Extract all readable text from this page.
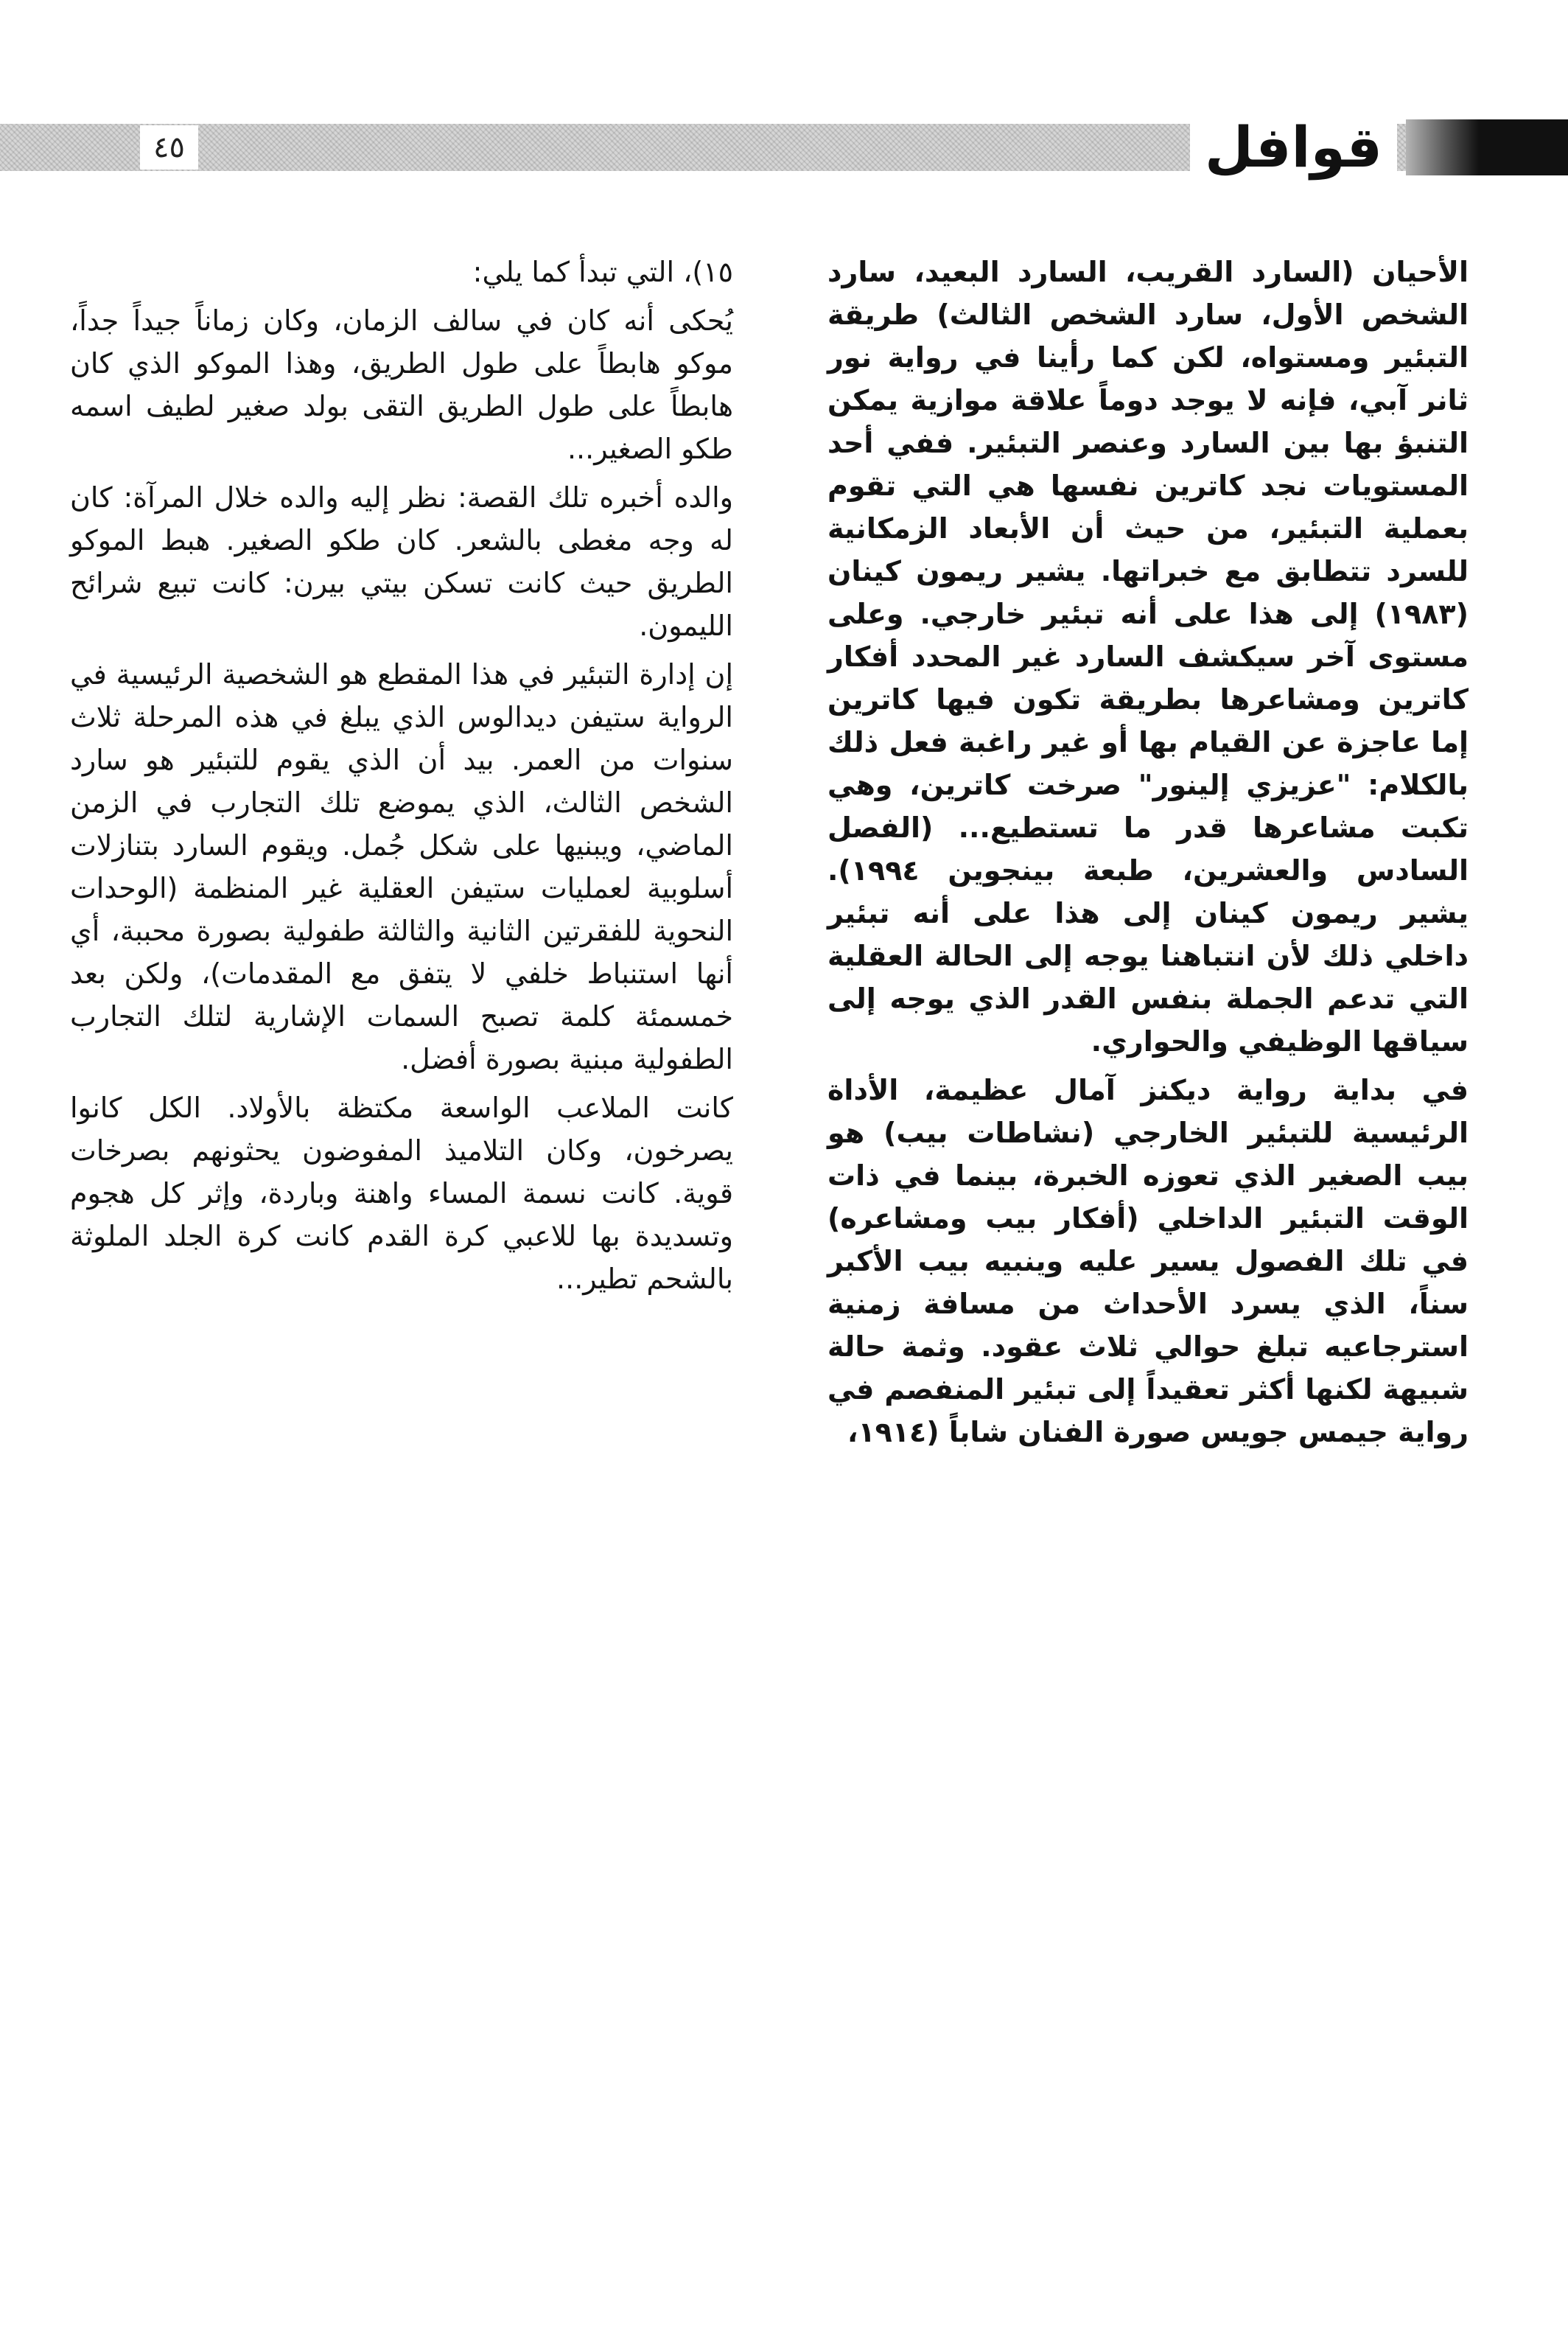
قوافل
٤٥

الأحيان (السارد القريب، السارد البعيد، سارد الشخص الأول، سارد الشخص الثالث) طريقة التبئير ومستواه، لكن كما رأينا في رواية نور ثانر آبي، فإنه لا يوجد دوماً علاقة موازية يمكن التنبؤ بها بين السارد وعنصر التبئير. ففي أحد المستويات نجد كاترين نفسها هي التي تقوم بعملية التبئير، من حيث أن الأبعاد الزمكانية للسرد تتطابق مع خبراتها. يشير ريمون كينان (١٩٨٣) إلى هذا على أنه تبئير خارجي. وعلى مستوى آخر سيكشف السارد غير المحدد أفكار كاترين ومشاعرها بطريقة تكون فيها كاترين إما عاجزة عن القيام بها أو غير راغبة فعل ذلك بالكلام: "عزيزي إلينور" صرخت كاترين، وهي تكبت مشاعرها قدر ما تستطيع... (الفصل السادس والعشرين، طبعة بينجوين ١٩٩٤). يشير ريمون كينان إلى هذا على أنه تبئير داخلي ذلك لأن انتباهنا يوجه إلى الحالة العقلية التي تدعم الجملة بنفس القدر الذي يوجه إلى سياقها الوظيفي والحواري.

في بداية رواية ديكنز آمال عظيمة، الأداة الرئيسية للتبئير الخارجي (نشاطات بيب) هو بيب الصغير الذي تعوزه الخبرة، بينما في ذات الوقت التبئير الداخلي (أفكار بيب ومشاعره) في تلك الفصول يسير عليه وينبيه بيب الأكبر سناً، الذي يسرد الأحداث من مسافة زمنية استرجاعيه تبلغ حوالي ثلاث عقود. وثمة حالة شبيهة لكنها أكثر تعقيداً إلى تبئير المنفصم في رواية جيمس جويس صورة الفنان شاباً (١٩١٤،

١٥)، التي تبدأ كما يلي:

يُحكى أنه كان في سالف الزمان، وكان زماناً جيداً جداً، موكو هابطاً على طول الطريق، وهذا الموكو الذي كان هابطاً على طول الطريق التقى بولد صغير لطيف اسمه طكو الصغير...

والده أخبره تلك القصة: نظر إليه والده خلال المرآة: كان له وجه مغطى بالشعر. كان طكو الصغير. هبط الموكو الطريق حيث كانت تسكن بيتي بيرن: كانت تبيع شرائح الليمون.

إن إدارة التبئير في هذا المقطع هو الشخصية الرئيسية في الرواية ستيفن ديدالوس الذي يبلغ في هذه المرحلة ثلاث سنوات من العمر. بيد أن الذي يقوم للتبئير هو سارد الشخص الثالث، الذي يموضع تلك التجارب في الزمن الماضي، ويبنيها على شكل جُمل. ويقوم السارد بتنازلات أسلوبية لعمليات ستيفن العقلية غير المنظمة (الوحدات النحوية للفقرتين الثانية والثالثة طفولية بصورة محببة، أي أنها استنباط خلفي لا يتفق مع المقدمات)، ولكن بعد خمسمئة كلمة تصبح السمات الإشارية لتلك التجارب الطفولية مبنية بصورة أفضل.

كانت الملاعب الواسعة مكتظة بالأولاد. الكل كانوا يصرخون، وكان التلاميذ المفوضون يحثونهم بصرخات قوية. كانت نسمة المساء واهنة وباردة، وإثر كل هجوم وتسديدة بها للاعبي كرة القدم كانت كرة الجلد الملوثة بالشحم تطير...
